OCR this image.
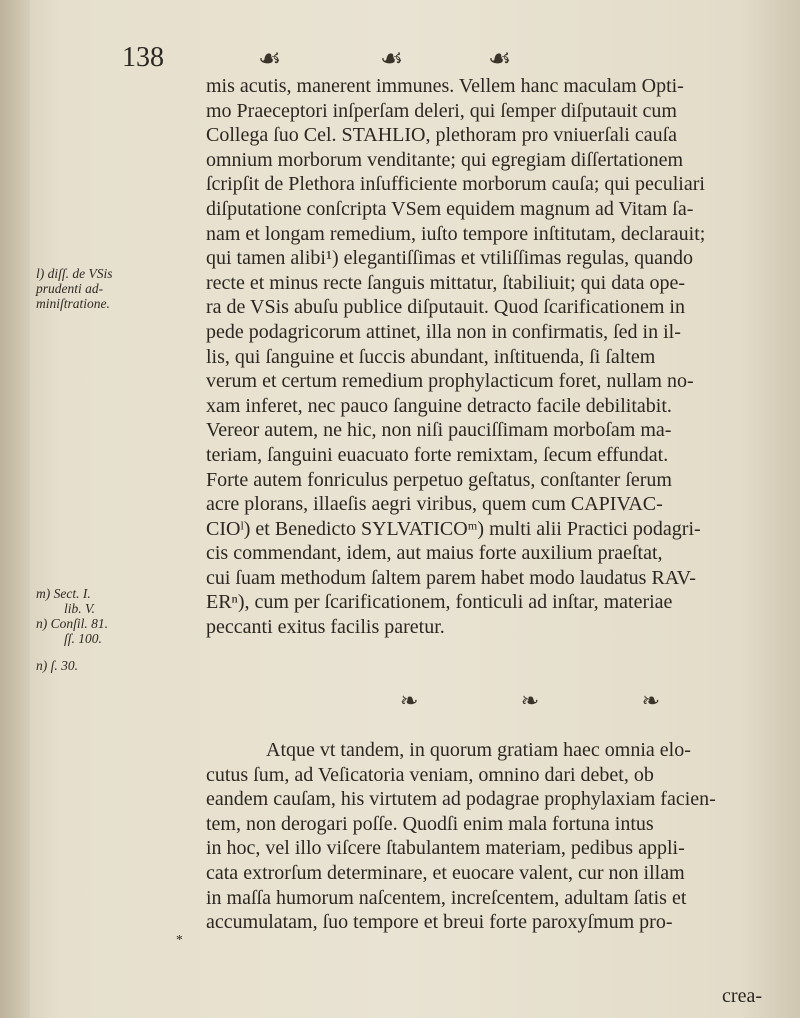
138	☙	☙	☙
mis acutis, manerent immunes. Vellem hanc maculam Opti-
mo Praeceptori inſperſam deleri, qui ſemper diſputauit cum
Collega ſuo Cel. STAHLIO, plethoram pro vniuerſali cauſa
omnium morborum venditante; qui egregiam diſſertationem
ſcripſit de Plethora inſufficiente morborum cauſa; qui peculiari
diſputatione conſcripta VSem equidem magnum ad Vitam ſa-
nam et longam remedium, iuſto tempore inſtitutam, declarauit;
qui tamen alibi¹) elegantiſſimas et vtiliſſimas regulas, quando
recte et minus recte ſanguis mittatur, ſtabiliuit; qui data ope-
ra de VSis abuſu publice diſputauit. Quod ſcarificationem in
pede podagricorum attinet, illa non in confirmatis, ſed in il-
lis, qui ſanguine et ſuccis abundant, inſtituenda, ſi ſaltem
verum et certum remedium prophylacticum foret, nullam no-
xam inferet, nec pauco ſanguine detracto facile debilitabit.
Vereor autem, ne hic, non niſi pauciſſimam morboſam ma-
teriam, ſanguini euacuato forte remixtam, ſecum effundat.
Forte autem fonriculus perpetuo geſtatus, conſtanter ſerum
acre plorans, illaeſis aegri viribus, quem cum CAPIVAC-
CIOˡ) et Benedicto SYLVATICOᵐ) multi alii Practici podagri-
cis commendant, idem, aut maius forte auxilium praeſtat,
cui ſuam methodum ſaltem parem habet modo laudatus RAV-
ERⁿ), cum per ſcarificationem, fonticuli ad inſtar, materiae
peccanti exitus facilis paretur.
❧	❧	❧
Atque vt tandem, in quorum gratiam haec omnia elo-
cutus ſum, ad Veſicatoria veniam, omnino dari debet, ob
eandem cauſam, his virtutem ad podagrae prophylaxiam facien-
tem, non derogari poſſe. Quodſi enim mala fortuna intus
in hoc, vel illo viſcere ſtabulantem materiam, pedibus appli-
cata extrorſum determinare, et euocare valent, cur non illam
in maſſa humorum naſcentem, increſcentem, adultam ſatis et
accumulatam, ſuo tempore et breui forte paroxyſmum pro-
crea-
l) diſſ. de VSis
prudenti ad-
miniſtratione.
m) Sect. I.
lib. V.
n) Conſil. 81.
ſſ. 100.
n) ſ. 30.
*
